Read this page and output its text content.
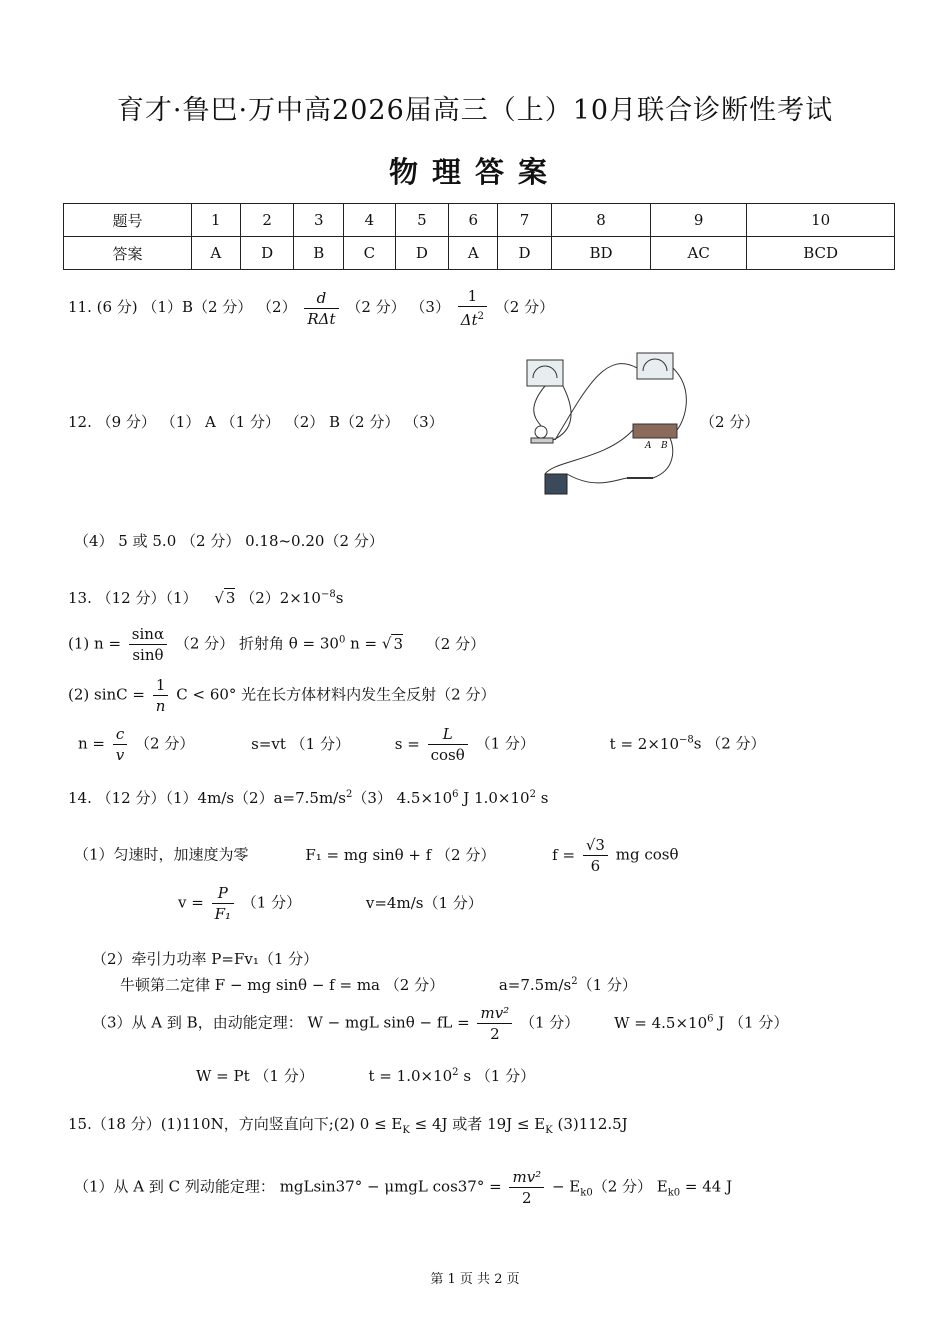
育才·鲁巴·万中高2026届高三（上）10月联合诊断性考试
物理答案
题号	1	2	3	4	5	6	7	8	9	10
答案	A	D	B	C	D	A	D	BD	AC	BCD
11. (6 分) （1）B（2 分） $(2) \frac{d}{\text{RΔt}} (2$ 分） $(3) \frac{1}{\Delta t^2} (2$ 分）
12. （9 分） （1） A （1 分） （2） B（2 分） （3）
A B
（2 分）
（4） 5 或 5.0 （2 分） 0.18~0.20（2 分）
13. （12 分）（1） √ 3 $(2)2\times 10^{-8}s$
(1) $n = \frac{\sin\alpha}{\sin\theta} (2$ 分） 折射角 $\theta = 30^0$ n = √ 3 （2 分）
(2) $\sin C = \frac{1}{n}$ C < 60° 光在长方体材料内发生全反射（2 分）
$n = \frac{c}{v} (2$ 分）	s=vt （1 分）	$s = \frac{L}{\cos\theta} (1$ 分）	$t = 2\times 10^{-8}s$ （2 分）
14. （12 分）$(1)4m/s(2)a=7.5m/s^2(3)$ $4.5\times 10^6$ J $1.0\times 10^2$ s
（1）匀速时，加速度为零	F₁ = mg sinθ + f （2 分）	$f = \frac{√3}{6}$ mg cosθ
$v = \frac{P}{\text{F₁}} (1$ 分）	v=4m/s（1 分）
（2）牵引力功率 P=Fv₁（1 分）
牛顿第二定律 F − mg sinθ − f = ma （2 分）	$a=7.5m/s^2(1$ 分）
（3）从 A 到 B，由动能定理： W − mgL sinθ − fL = $\frac{\text{mv²}}{2} (1$ 分） $W = 4.5\times 10^6$ J （1 分）
W = Pt （1 分）	$t = 1.0\times 10^2$ s （1 分）
15.（18 分）(1)110N，方向竖直向下;(2) $0 \le E_K \le 4J$ 或者 $19J \le E_K$ (3)112.5J
（1）从 A 到 C 列动能定理： mgLsin37° − μmgL $\cos 37^\circ = \frac{\text{mv²}}{2} - E_{k0}(2$ 分） $E_{k0} = 44$ J
第 1 页 共 2 页
